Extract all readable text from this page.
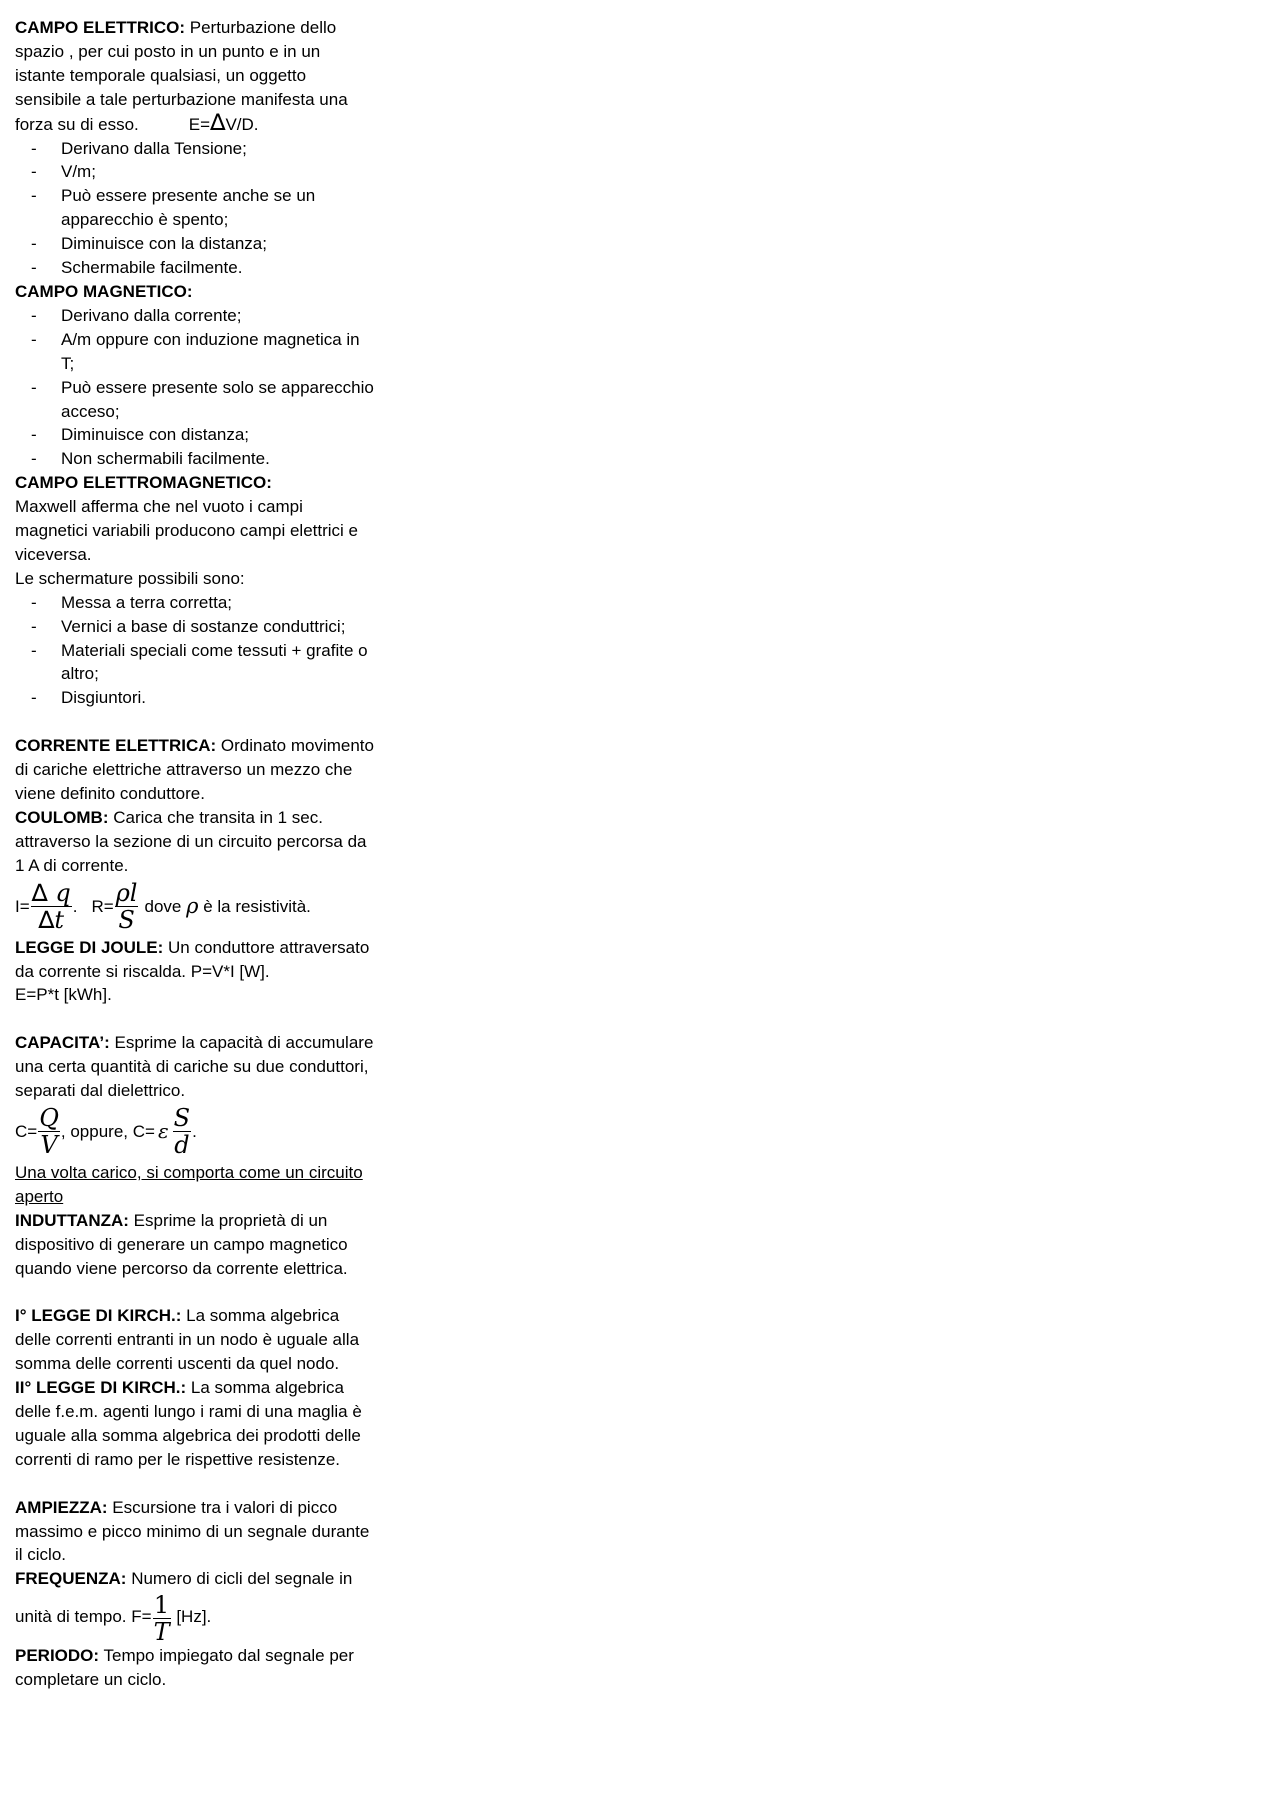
CAMPO ELETTRICO: Perturbazione dello spazio , per cui posto in un punto e in un istante temporale qualsiasi, un oggetto sensibile a tale perturbazione manifesta una forza su di esso.	E=∆V/D.

- Derivano dalla Tensione;
- V/m;
- Può essere presente anche se un apparecchio è spento;
- Diminuisce con la distanza;
- Schermabile facilmente.

CAMPO MAGNETICO:

- Derivano dalla corrente;
- A/m oppure con induzione magnetica in T;
- Può essere presente solo se apparecchio acceso;
- Diminuisce con distanza;
- Non schermabili facilmente.

CAMPO ELETTROMAGNETICO:

Maxwell afferma che nel vuoto i campi magnetici variabili producono campi elettrici e viceversa.

Le schermature possibili sono:

- Messa a terra corretta;
- Vernici a base di sostanze conduttrici;
- Materiali speciali come tessuti + grafite o altro;
- Disgiuntori.

CORRENTE ELETTRICA: Ordinato movimento di cariche elettriche attraverso un mezzo che viene definito conduttore.

COULOMB: Carica che transita in 1 sec. attraverso la sezione di un circuito percorsa da 1 A di corrente.

$I= \frac{\Delta q}{\Delta t}$ . $R= \frac{\rho l}{S}$ dove
ρ
è la resistività.

LEGGE DI JOULE: Un conduttore attraversato da corrente si riscalda. P=V*I [W].

E=P*t [kWh].

CAPACITA’: Esprime la capacità di accumulare una certa quantità di cariche su due conduttori, separati dal dielettrico.

$C= \frac{Q}{V}$ , oppure, C= ε $\frac{S}{d}$ .

Una volta carico, si comporta come un circuito aperto

INDUTTANZA: Esprime la proprietà di un dispositivo di generare un campo magnetico quando viene percorso da corrente elettrica.

I° LEGGE DI KIRCH.: La somma algebrica delle correnti entranti in un nodo è uguale alla somma delle correnti uscenti da quel nodo.

II° LEGGE DI KIRCH.: La somma algebrica delle f.e.m. agenti lungo i rami di una maglia è uguale alla somma algebrica dei prodotti delle correnti di ramo per le rispettive resistenze.

AMPIEZZA: Escursione tra i valori di picco massimo e picco minimo di un segnale durante il ciclo.

FREQUENZA: Numero di cicli del segnale in unità di tempo. $F= \frac{1}{T} [Hz]$.

PERIODO: Tempo impiegato dal segnale per completare un ciclo.
